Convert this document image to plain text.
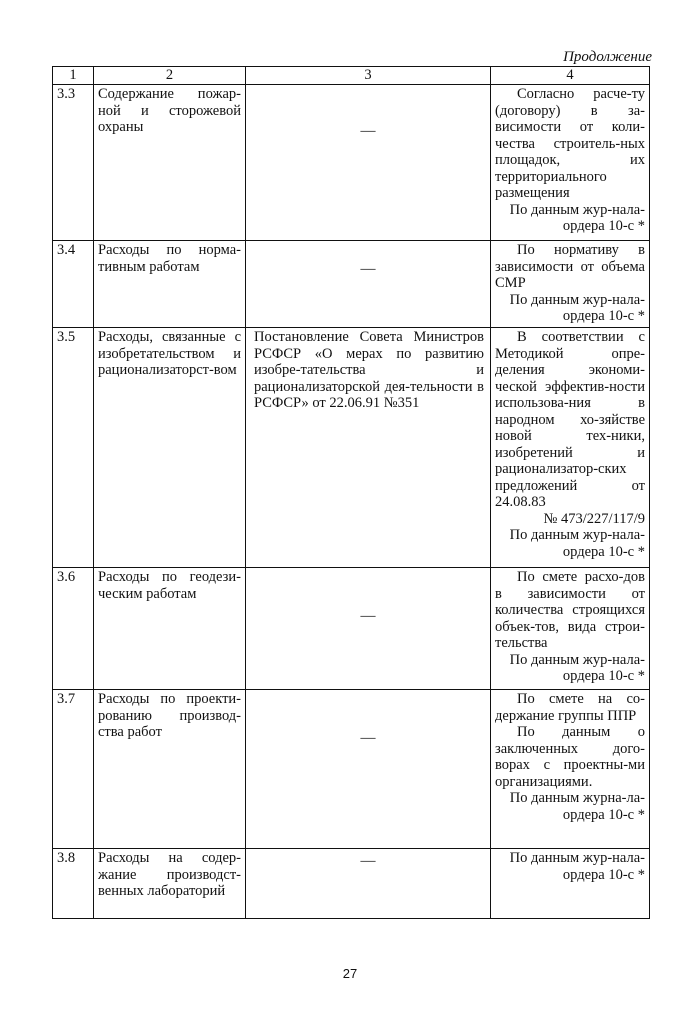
Продолжение
1	2	3	4
3.3	Содержание пожар-ной и сторожевой охраны	—	Согласно расче-ту (договору) в за-висимости от коли-чества строитель-ных площадок, их территориального размещения
По данным жур-нала-ордера 10-с *

3.4	Расходы по норма-тивным работам	—	По нормативу в зависимости от объема СМР
По данным жур-нала-ордера 10-с *

3.5	Расходы, связанные с изобретательством и рационализаторст-вом	Постановление Совета Министров РСФСР «О мерах по развитию изобре-тательства и рационализаторской дея-тельности в РСФСР» от 22.06.91 №351	В соответствии с Методикой опре-деления экономи-ческой эффектив-ности использова-ния в народном хо-зяйстве новой тех-ники, изобретений и рационализатор-ских предложений от 24.08.83
№ 473/227/117/9
По данным жур-нала-ордера 10-с *

3.6	Расходы по геодези-ческим работам	—	По смете расхо-дов в зависимости от количества строящихся объек-тов, вида строи-тельства
По данным жур-нала-ордера 10-с *

3.7	Расходы по проекти-рованию производ-ства работ	—	По смете на со-держание группы ППР
По данным о заключенных дого-ворах с проектны-ми организациями.
По данным журна-ла-ордера 10-с *

3.8	Расходы на содер-жание производст-венных лабораторий	—	По данным жур-нала-ордера 10-с *
27
